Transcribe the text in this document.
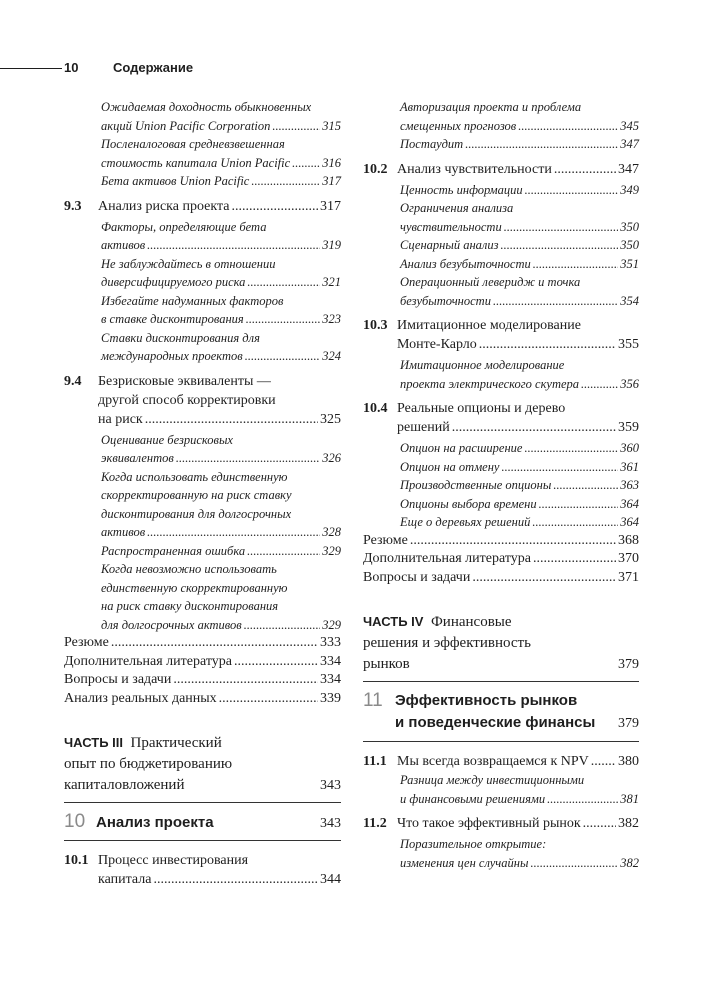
10	Содержание
Ожидаемая доходность обыкновенных
акций Union Pacific Corporation .....	315
Посленалоговая средневзвешенная
стоимость капитала Union Pacific .....	316
Бета активов Union Pacific .....	317
9.3 Анализ риска проекта .....	317
Факторы, определяющие бета
активов .....	319
Не заблуждайтесь в отношении
диверсифицируемого риска .....	321
Избегайте надуманных факторов
в ставке дисконтирования .....	323
Ставки дисконтирования для
международных проектов .....	324
9.4 Безрисковые эквиваленты —
другой способ корректировки
на риск .....	325
Оценивание безрисковых
эквивалентов .....	326
Когда использовать единственную
скорректированную на риск ставку
дисконтирования для долгосрочных
активов .....	328
Распространенная ошибка .....	329
Когда невозможно использовать
единственную скорректированную
на риск ставку дисконтирования
для долгосрочных активов .....	329
Резюме .....	333
Дополнительная литература .....	334
Вопросы и задачи .....	334
Анализ реальных данных .....	339
ЧАСТЬ III Практический
опыт по бюджетированию
капиталовложений	343
10 Анализ проекта	343
10.1 Процесс инвестирования
капитала .....	344
Авторизация проекта и проблема
смещенных прогнозов .....	345
Постаудит .....	347
10.2 Анализ чувствительности .....	347
Ценность информации .....	349
Ограничения анализа
чувствительности .....	350
Сценарный анализ .....	350
Анализ безубыточности .....	351
Операционный леверидж и точка
безубыточности .....	354
10.3 Имитационное моделирование
Монте-Карло .....	355
Имитационное моделирование
проекта электрического скутера .....	356
10.4 Реальные опционы и дерево
решений .....	359
Опцион на расширение .....	360
Опцион на отмену .....	361
Производственные опционы .....	363
Опционы выбора времени .....	364
Еще о деревьях решений .....	364
Резюме .....	368
Дополнительная литература .....	370
Вопросы и задачи .....	371
ЧАСТЬ IV Финансовые
решения и эффективность
рынков	379
11 Эффективность рынков
и поведенческие финансы 379
11.1 Мы всегда возвращаемся к NPV ..... 380
Разница между инвестиционными
и финансовыми решениями .....	381
11.2 Что такое эффективный рынок .....	382
Поразительное открытие:
изменения цен случайны .....	382
